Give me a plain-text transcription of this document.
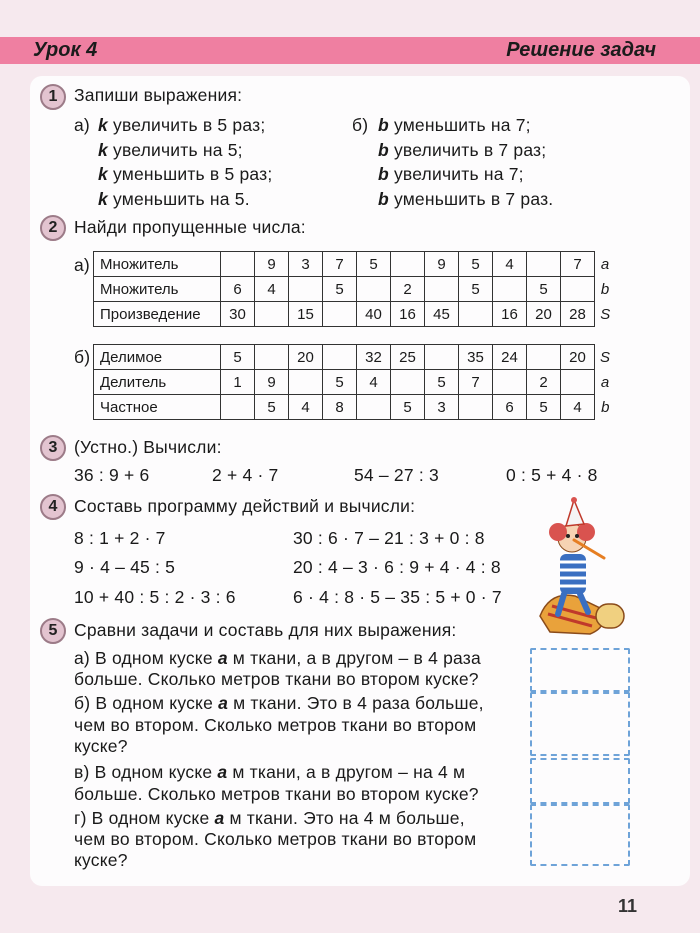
Урок 4	Решение задач
1 Запиши выражения:
а) k увеличить в 5 раз;
k увеличить на 5;
k уменьшить в 5 раз;
k уменьшить на 5.
б) b уменьшить на 7;
b увеличить в 7 раз;
b увеличить на 7;
b уменьшить в 7 раз.
2 Найди пропущенные числа:
а) Множитель		9	3	7	5		9	5	4		7	a
Множитель	6	4		5		2		5		5		b
Произведение	30		15		40	16	45		16	20	28	S
б) Делимое	5		20		32	25		35	24		20	S
Делитель	1	9		5	4		5	7		2		a
Частное		5	4	8		5	3		6	5	4	b
3 (Устно.) Вычисли:
36 : 9 + 6	2 + 4 · 7	54 – 27 : 3	0 : 5 + 4 · 8
4 Составь программу действий и вычисли:
8 : 1 + 2 · 7
9 · 4 – 45 : 5
10 + 40 : 5 : 2 · 3 : 6
30 : 6 · 7 – 21 : 3 + 0 : 8
20 : 4 – 3 · 6 : 9 + 4 · 4 : 8
6 · 4 : 8 · 5 – 35 : 5 + 0 · 7
5 Сравни задачи и составь для них выражения:
а) В одном куске a м ткани, а в другом – в 4 раза
больше. Сколько метров ткани во втором куске?
б) В одном куске a м ткани. Это в 4 раза больше,
чем во втором. Сколько метров ткани во втором
куске?
в) В одном куске a м ткани, а в другом – на 4 м
больше. Сколько метров ткани во втором куске?
г) В одном куске a м ткани. Это на 4 м больше,
чем во втором. Сколько метров ткани во втором
куске?
11
